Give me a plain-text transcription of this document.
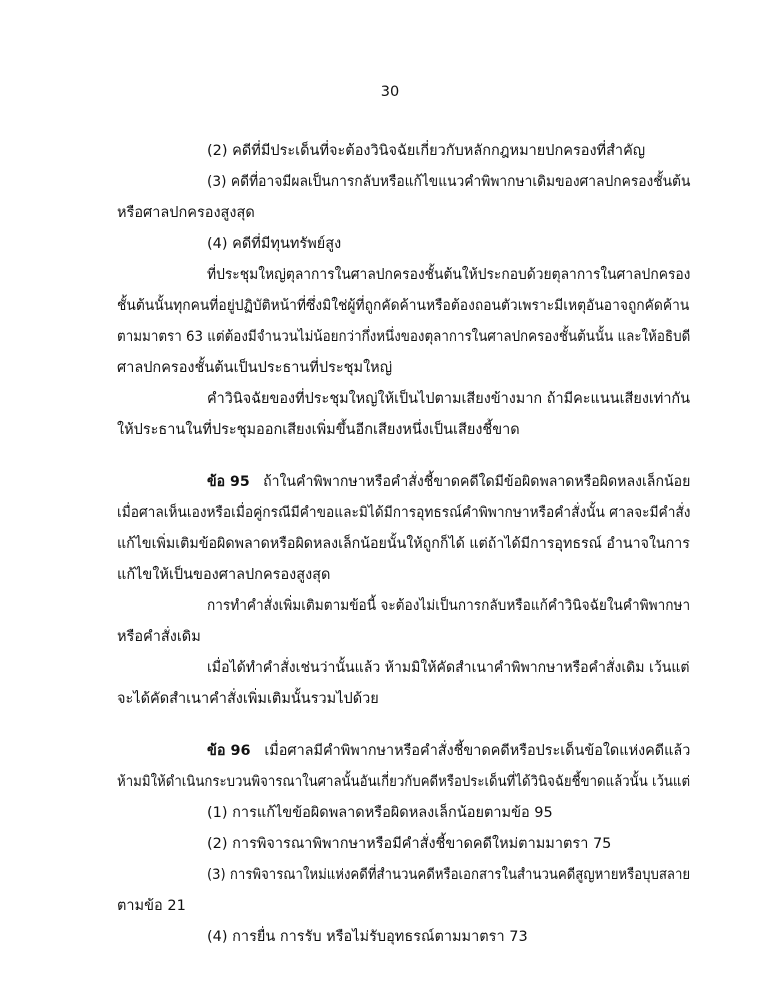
30
(2) คดีที่มีประเด็นที่จะต้องวินิจฉัยเกี่ยวกับหลักกฎหมายปกครองที่สำคัญ
(3) คดีที่อาจมีผลเป็นการกลับหรือแก้ไขแนวคำพิพากษาเดิมของศาลปกครองชั้นต้น
หรือศาลปกครองสูงสุด
(4) คดีที่มีทุนทรัพย์สูง
ที่ประชุมใหญ่ตุลาการในศาลปกครองชั้นต้นให้ประกอบด้วยตุลาการในศาลปกครอง
ชั้นต้นนั้นทุกคนที่อยู่ปฏิบัติหน้าที่ซึ่งมิใช่ผู้ที่ถูกคัดค้านหรือต้องถอนตัวเพราะมีเหตุอันอาจถูกคัดค้าน
ตามมาตรา 63 แต่ต้องมีจำนวนไม่น้อยกว่ากึ่งหนึ่งของตุลาการในศาลปกครองชั้นต้นนั้น และให้อธิบดี
ศาลปกครองชั้นต้นเป็นประธานที่ประชุมใหญ่
คำวินิจฉัยของที่ประชุมใหญ่ให้เป็นไปตามเสียงข้างมาก ถ้ามีคะแนนเสียงเท่ากัน
ให้ประธานในที่ประชุมออกเสียงเพิ่มขึ้นอีกเสียงหนึ่งเป็นเสียงชี้ขาด
ข้อ 95 ถ้าในคำพิพากษาหรือคำสั่งชี้ขาดคดีใดมีข้อผิดพลาดหรือผิดหลงเล็กน้อย
เมื่อศาลเห็นเองหรือเมื่อคู่กรณีมีคำขอและมิได้มีการอุทธรณ์คำพิพากษาหรือคำสั่งนั้น ศาลจะมีคำสั่ง
แก้ไขเพิ่มเติมข้อผิดพลาดหรือผิดหลงเล็กน้อยนั้นให้ถูกก็ได้ แต่ถ้าได้มีการอุทธรณ์ อำนาจในการ
แก้ไขให้เป็นของศาลปกครองสูงสุด
การทำคำสั่งเพิ่มเติมตามข้อนี้ จะต้องไม่เป็นการกลับหรือแก้คำวินิจฉัยในคำพิพากษา
หรือคำสั่งเดิม
เมื่อได้ทำคำสั่งเช่นว่านั้นแล้ว ห้ามมิให้คัดสำเนาคำพิพากษาหรือคำสั่งเดิม เว้นแต่
จะได้คัดสำเนาคำสั่งเพิ่มเติมนั้นรวมไปด้วย
ข้อ 96 เมื่อศาลมีคำพิพากษาหรือคำสั่งชี้ขาดคดีหรือประเด็นข้อใดแห่งคดีแล้ว
ห้ามมิให้ดำเนินกระบวนพิจารณาในศาลนั้นอันเกี่ยวกับคดีหรือประเด็นที่ได้วินิจฉัยชี้ขาดแล้วนั้น เว้นแต่
(1) การแก้ไขข้อผิดพลาดหรือผิดหลงเล็กน้อยตามข้อ 95
(2) การพิจารณาพิพากษาหรือมีคำสั่งชี้ขาดคดีใหม่ตามมาตรา 75
(3) การพิจารณาใหม่แห่งคดีที่สำนวนคดีหรือเอกสารในสำนวนคดีสูญหายหรือบุบสลาย
ตามข้อ 21
(4) การยื่น การรับ หรือไม่รับอุทธรณ์ตามมาตรา 73
